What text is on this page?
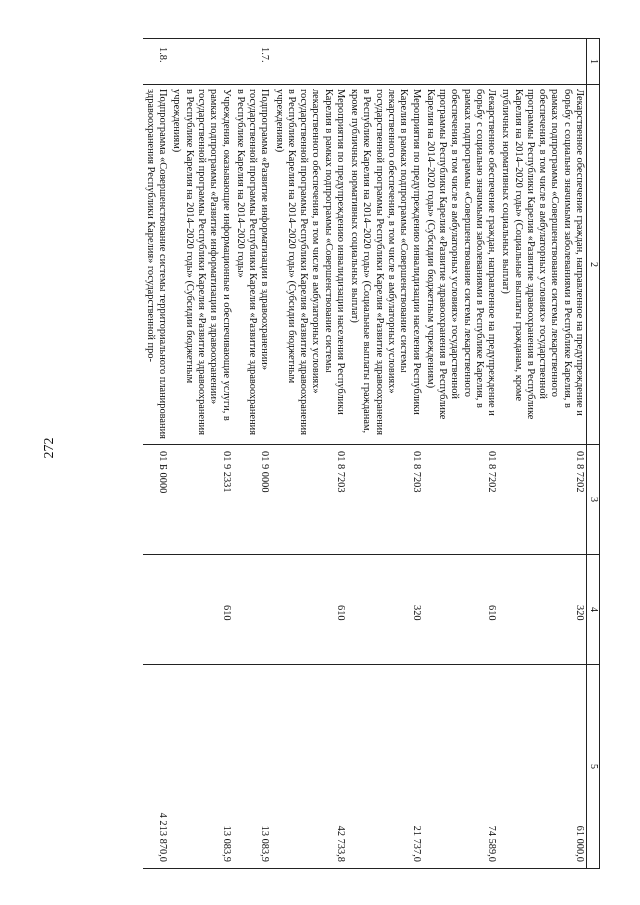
272
1	2	3	4	5
	Лекарственное обеспечение граждан, направленное на предупреждение и борьбу с социально значимыми заболеваниями в Республике Карелия, в рамках подпрограммы «Совершенствование системы лекарственного обеспечения, в том числе в амбулаторных условиях» государственной программы Республики Карелия «Развитие здравоохранения в Республике Карелия на 2014–2020 годы» (Социальные выплаты гражданам, кроме публичных нормативных социальных выплат)	01 8 7202	320	61 000,0
	Лекарственное обеспечение граждан, направленное на предупреждение и борьбу с социально значимыми заболеваниями в Республике Карелия, в рамках подпрограммы «Совершенствование системы лекарственного обеспечения, в том числе в амбулаторных условиях» государственной программы Республики Карелия «Развитие здравоохранения в Республике Карелия на 2014–2020 годы» (Субсидии бюджетным учреждениям)	01 8 7202	610	74 589,0
	Мероприятия по предупреждению инвалидизации населения Республики Карелия в рамках подпрограммы «Совершенствование системы лекарственного обеспечения, в том числе в амбулаторных условиях» государственной программы Республики Карелия «Развитие здравоохранения в Республике Карелия на 2014–2020 годы» (Социальные выплаты гражданам, кроме публичных нормативных социальных выплат)	01 8 7203	320	21 737,0
	Мероприятия по предупреждению инвалидизации населения Республики Карелия в рамках подпрограммы «Совершенствование системы лекарственного обеспечения, в том числе в амбулаторных условиях» государственной программы Республики Карелия «Развитие здравоохранения в Республике Карелия на 2014–2020 годы» (Субсидии бюджетным учреждениям)	01 8 7203	610	42 733,8
1.7.	Подпрограмма «Развитие информатизации в здравоохранении» государственной программы Республики Карелия «Развитие здравоохранения в Республике Карелия на 2014–2020 годы»	01 9 0000		13 083,9
	Учреждения, оказывающие информационные и обеспечивающие услуги, в рамках подпрограммы «Развитие информатизации в здравоохранении» государственной программы Республики Карелия «Развитие здравоохранения в Республике Карелия на 2014–2020 годы» (Субсидии бюджетным учреждениям)	01 9 2331	610	13 083,9
1.8.	Подпрограмма «Совершенствование системы территориального планирования здравоохранения Республики Карелия» государственной про-	01 Б 0000		4 213 870,0
